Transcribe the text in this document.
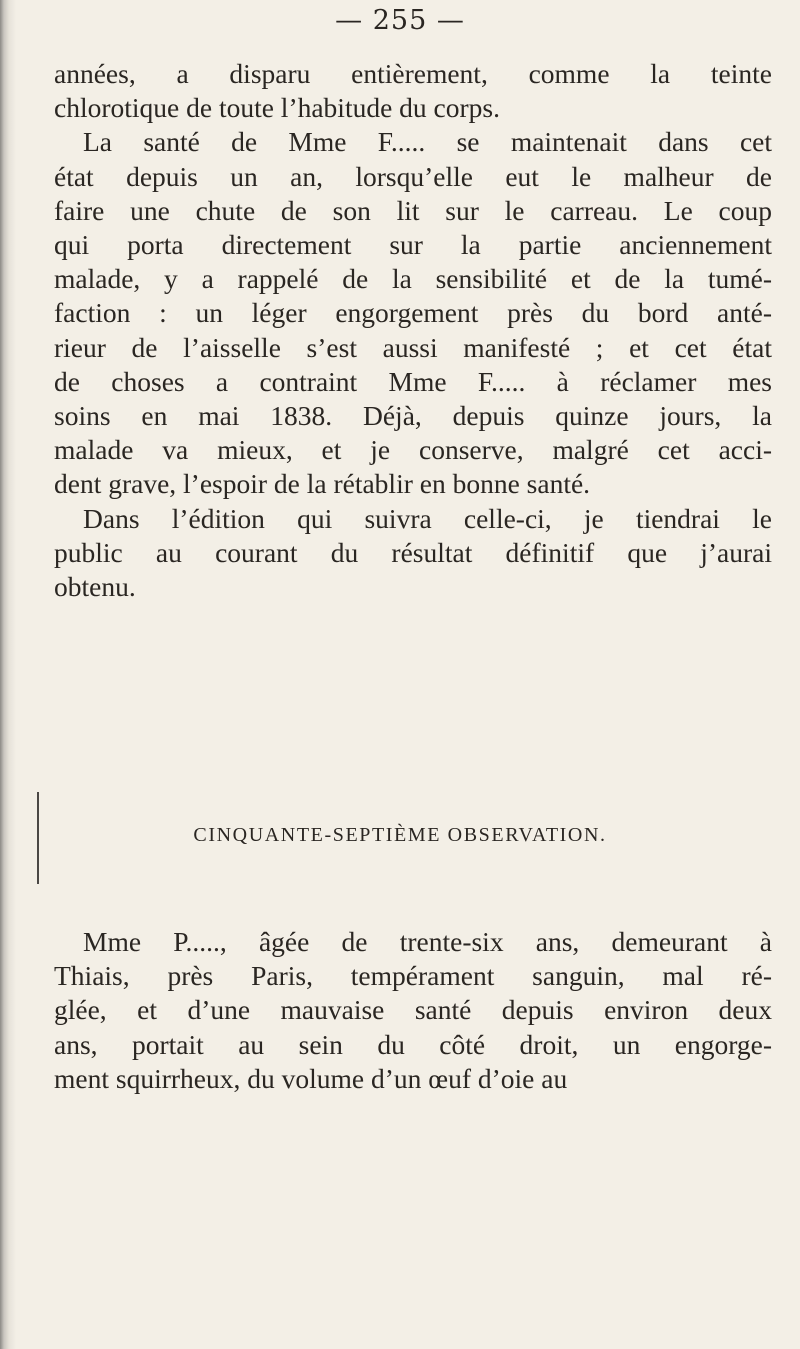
— 255 —
années, a disparu entièrement, comme la teinte
chlorotique de toute l’habitude du corps.
La santé de Mme F..... se maintenait dans cet
état depuis un an, lorsqu’elle eut le malheur de
faire une chute de son lit sur le carreau. Le coup
qui porta directement sur la partie anciennement
malade, y a rappelé de la sensibilité et de la tumé-
faction : un léger engorgement près du bord anté-
rieur de l’aisselle s’est aussi manifesté ; et cet état
de choses a contraint Mme F..... à réclamer mes
soins en mai 1838. Déjà, depuis quinze jours, la
malade va mieux, et je conserve, malgré cet acci-
dent grave, l’espoir de la rétablir en bonne santé.
Dans l’édition qui suivra celle-ci, je tiendrai le
public au courant du résultat définitif que j’aurai
obtenu.
CINQUANTE-SEPTIÈME OBSERVATION.
Mme P....., âgée de trente-six ans, demeurant à
Thiais, près Paris, tempérament sanguin, mal ré-
glée, et d’une mauvaise santé depuis environ deux
ans, portait au sein du côté droit, un engorge-
ment squirrheux, du volume d’un œuf d’oie au
